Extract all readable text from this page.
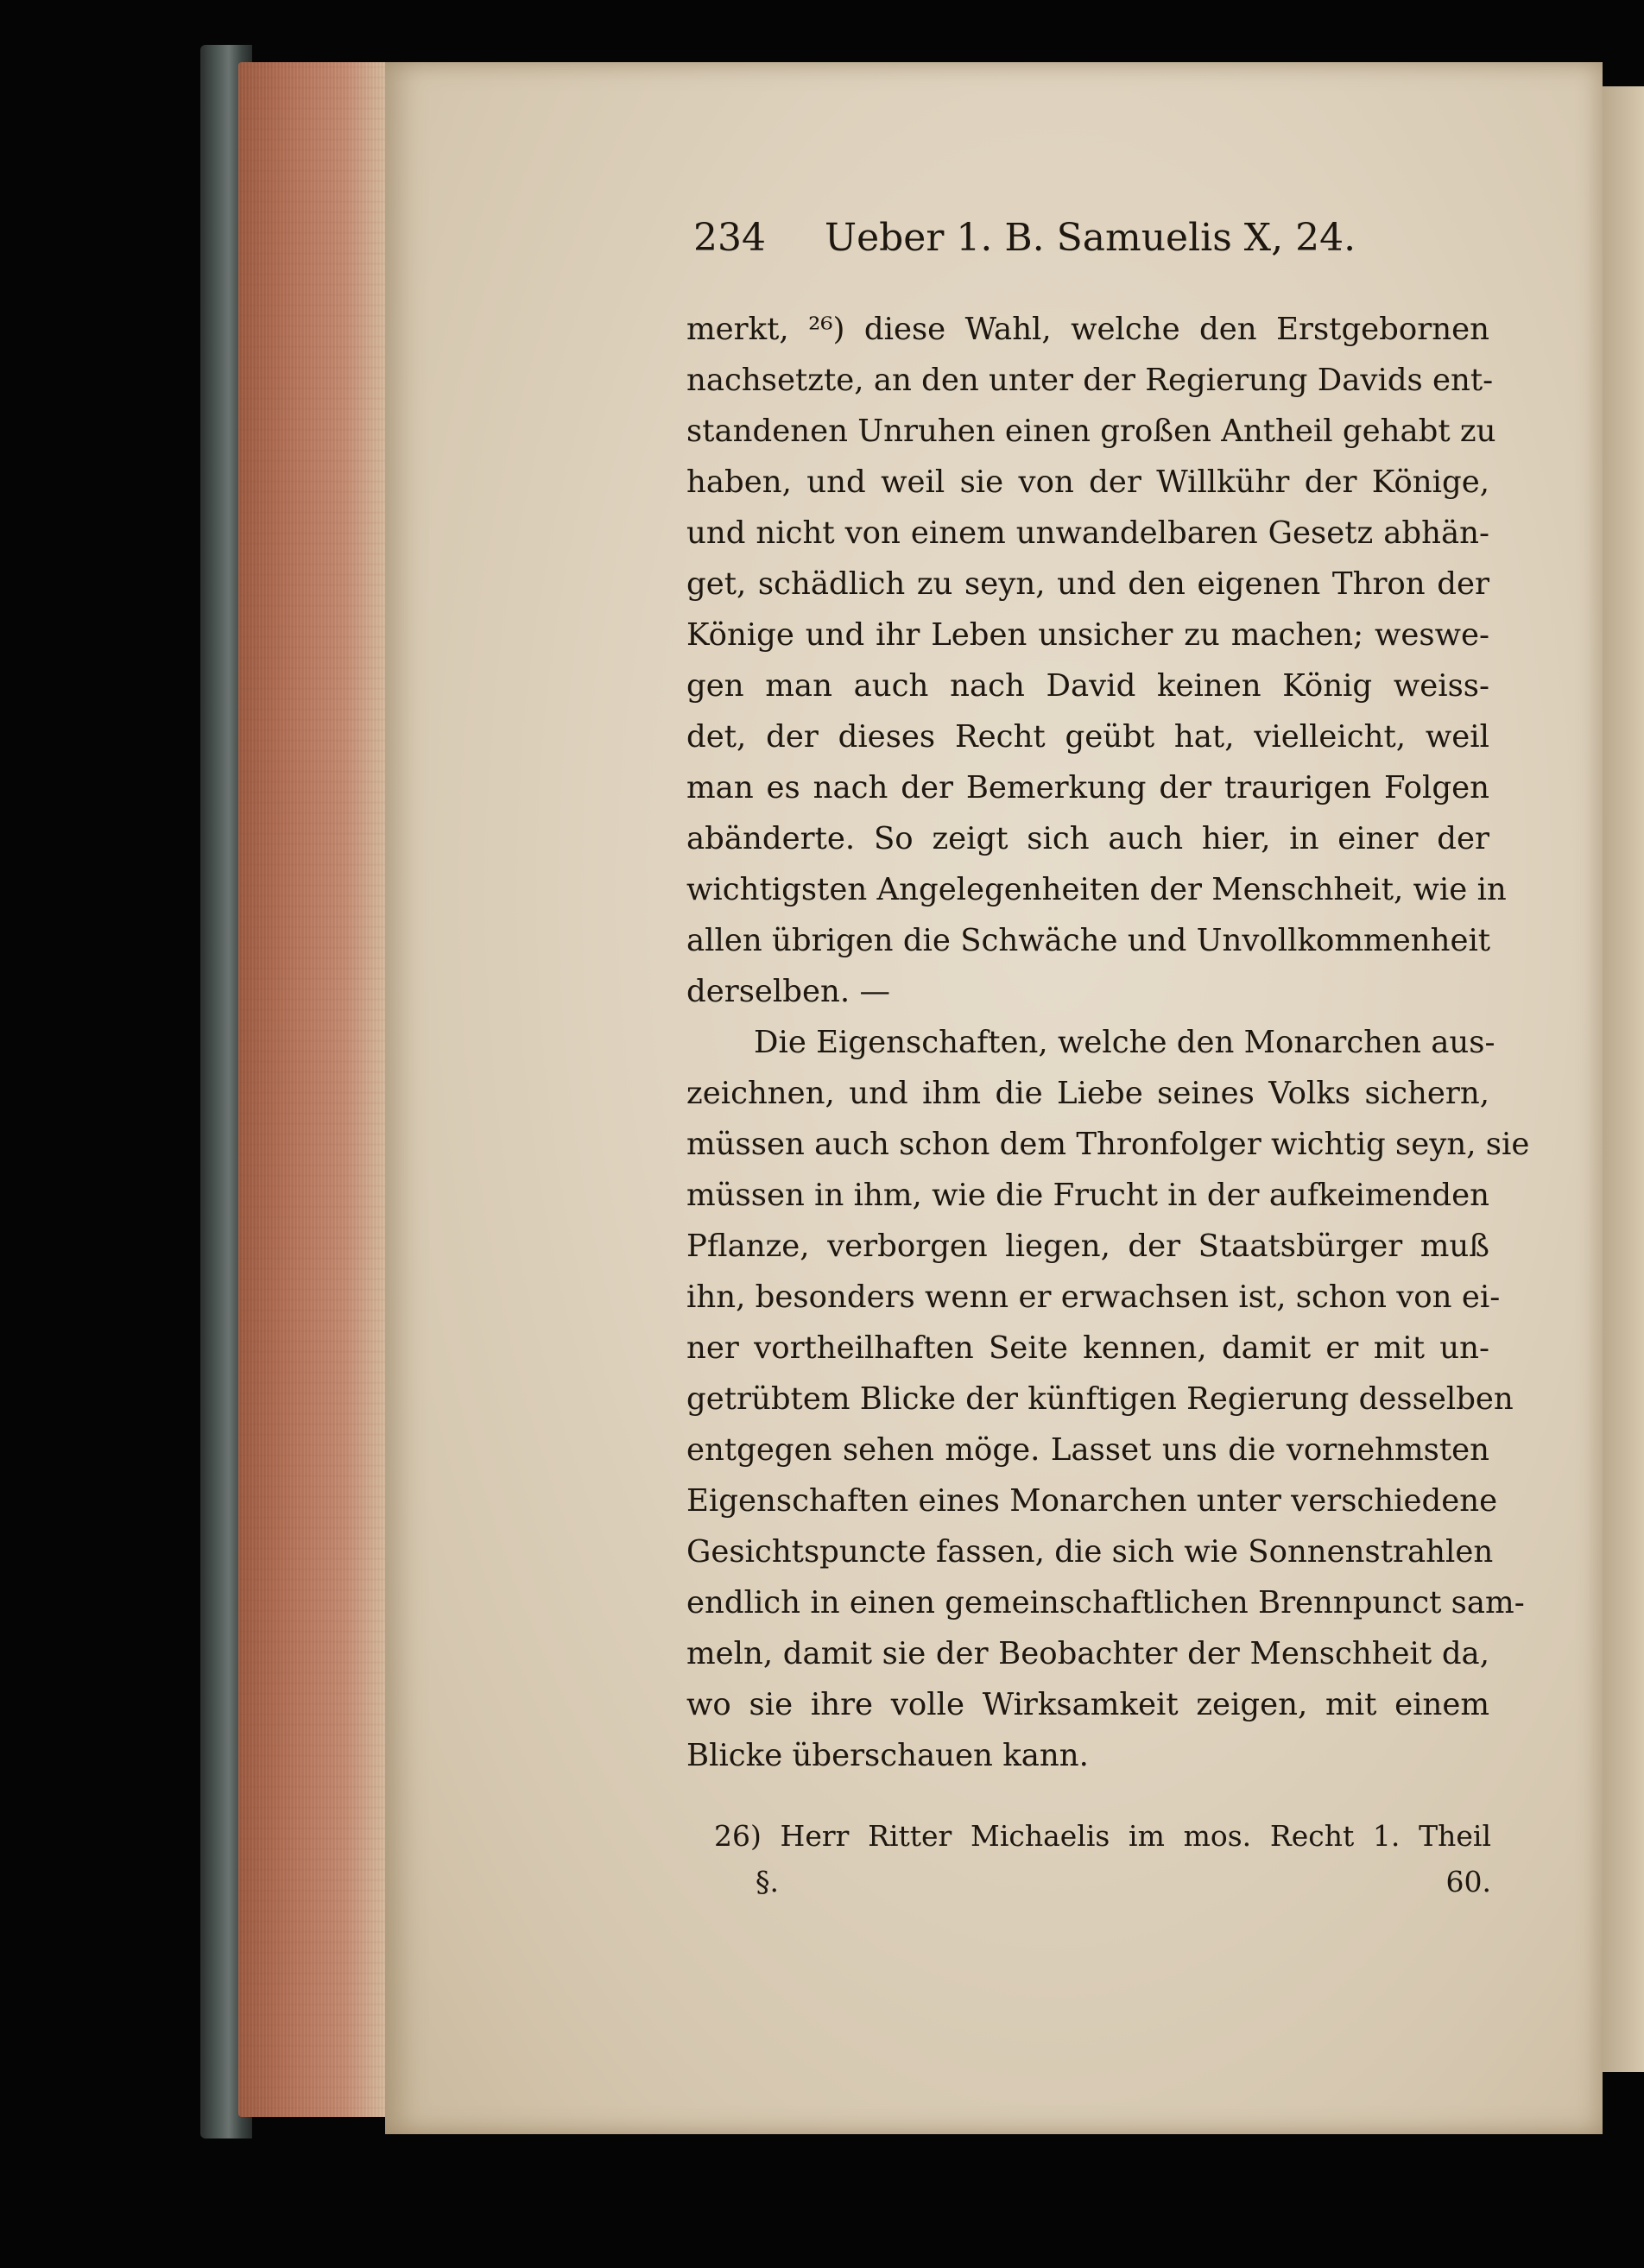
234 Ueber 1. B. Samuelis X, 24.
merkt, ²⁶) diese Wahl, welche den Erstgebornen
nachsetzte, an den unter der Regierung Davids ent-
standenen Unruhen einen großen Antheil gehabt zu
haben, und weil sie von der Willkühr der Könige,
und nicht von einem unwandelbaren Gesetz abhän-
get, schädlich zu seyn, und den eigenen Thron der
Könige und ihr Leben unsicher zu machen; weswe-
gen man auch nach David keinen König weiss-
det, der dieses Recht geübt hat, vielleicht, weil
man es nach der Bemerkung der traurigen Folgen
abänderte. So zeigt sich auch hier, in einer der
wichtigsten Angelegenheiten der Menschheit, wie in
allen übrigen die Schwäche und Unvollkommenheit
derselben. —
Die Eigenschaften, welche den Monarchen aus-
zeichnen, und ihm die Liebe seines Volks sichern,
müssen auch schon dem Thronfolger wichtig seyn, sie
müssen in ihm, wie die Frucht in der aufkeimenden
Pflanze, verborgen liegen, der Staatsbürger muß
ihn, besonders wenn er erwachsen ist, schon von ei-
ner vortheilhaften Seite kennen, damit er mit un-
getrübtem Blicke der künftigen Regierung desselben
entgegen sehen möge. Lasset uns die vornehmsten
Eigenschaften eines Monarchen unter verschiedene
Gesichtspuncte fassen, die sich wie Sonnenstrahlen
endlich in einen gemeinschaftlichen Brennpunct sam-
meln, damit sie der Beobachter der Menschheit da,
wo sie ihre volle Wirksamkeit zeigen, mit einem
Blicke überschauen kann.
26) Herr Ritter Michaelis im mos. Recht 1. Theil
§. 60.
